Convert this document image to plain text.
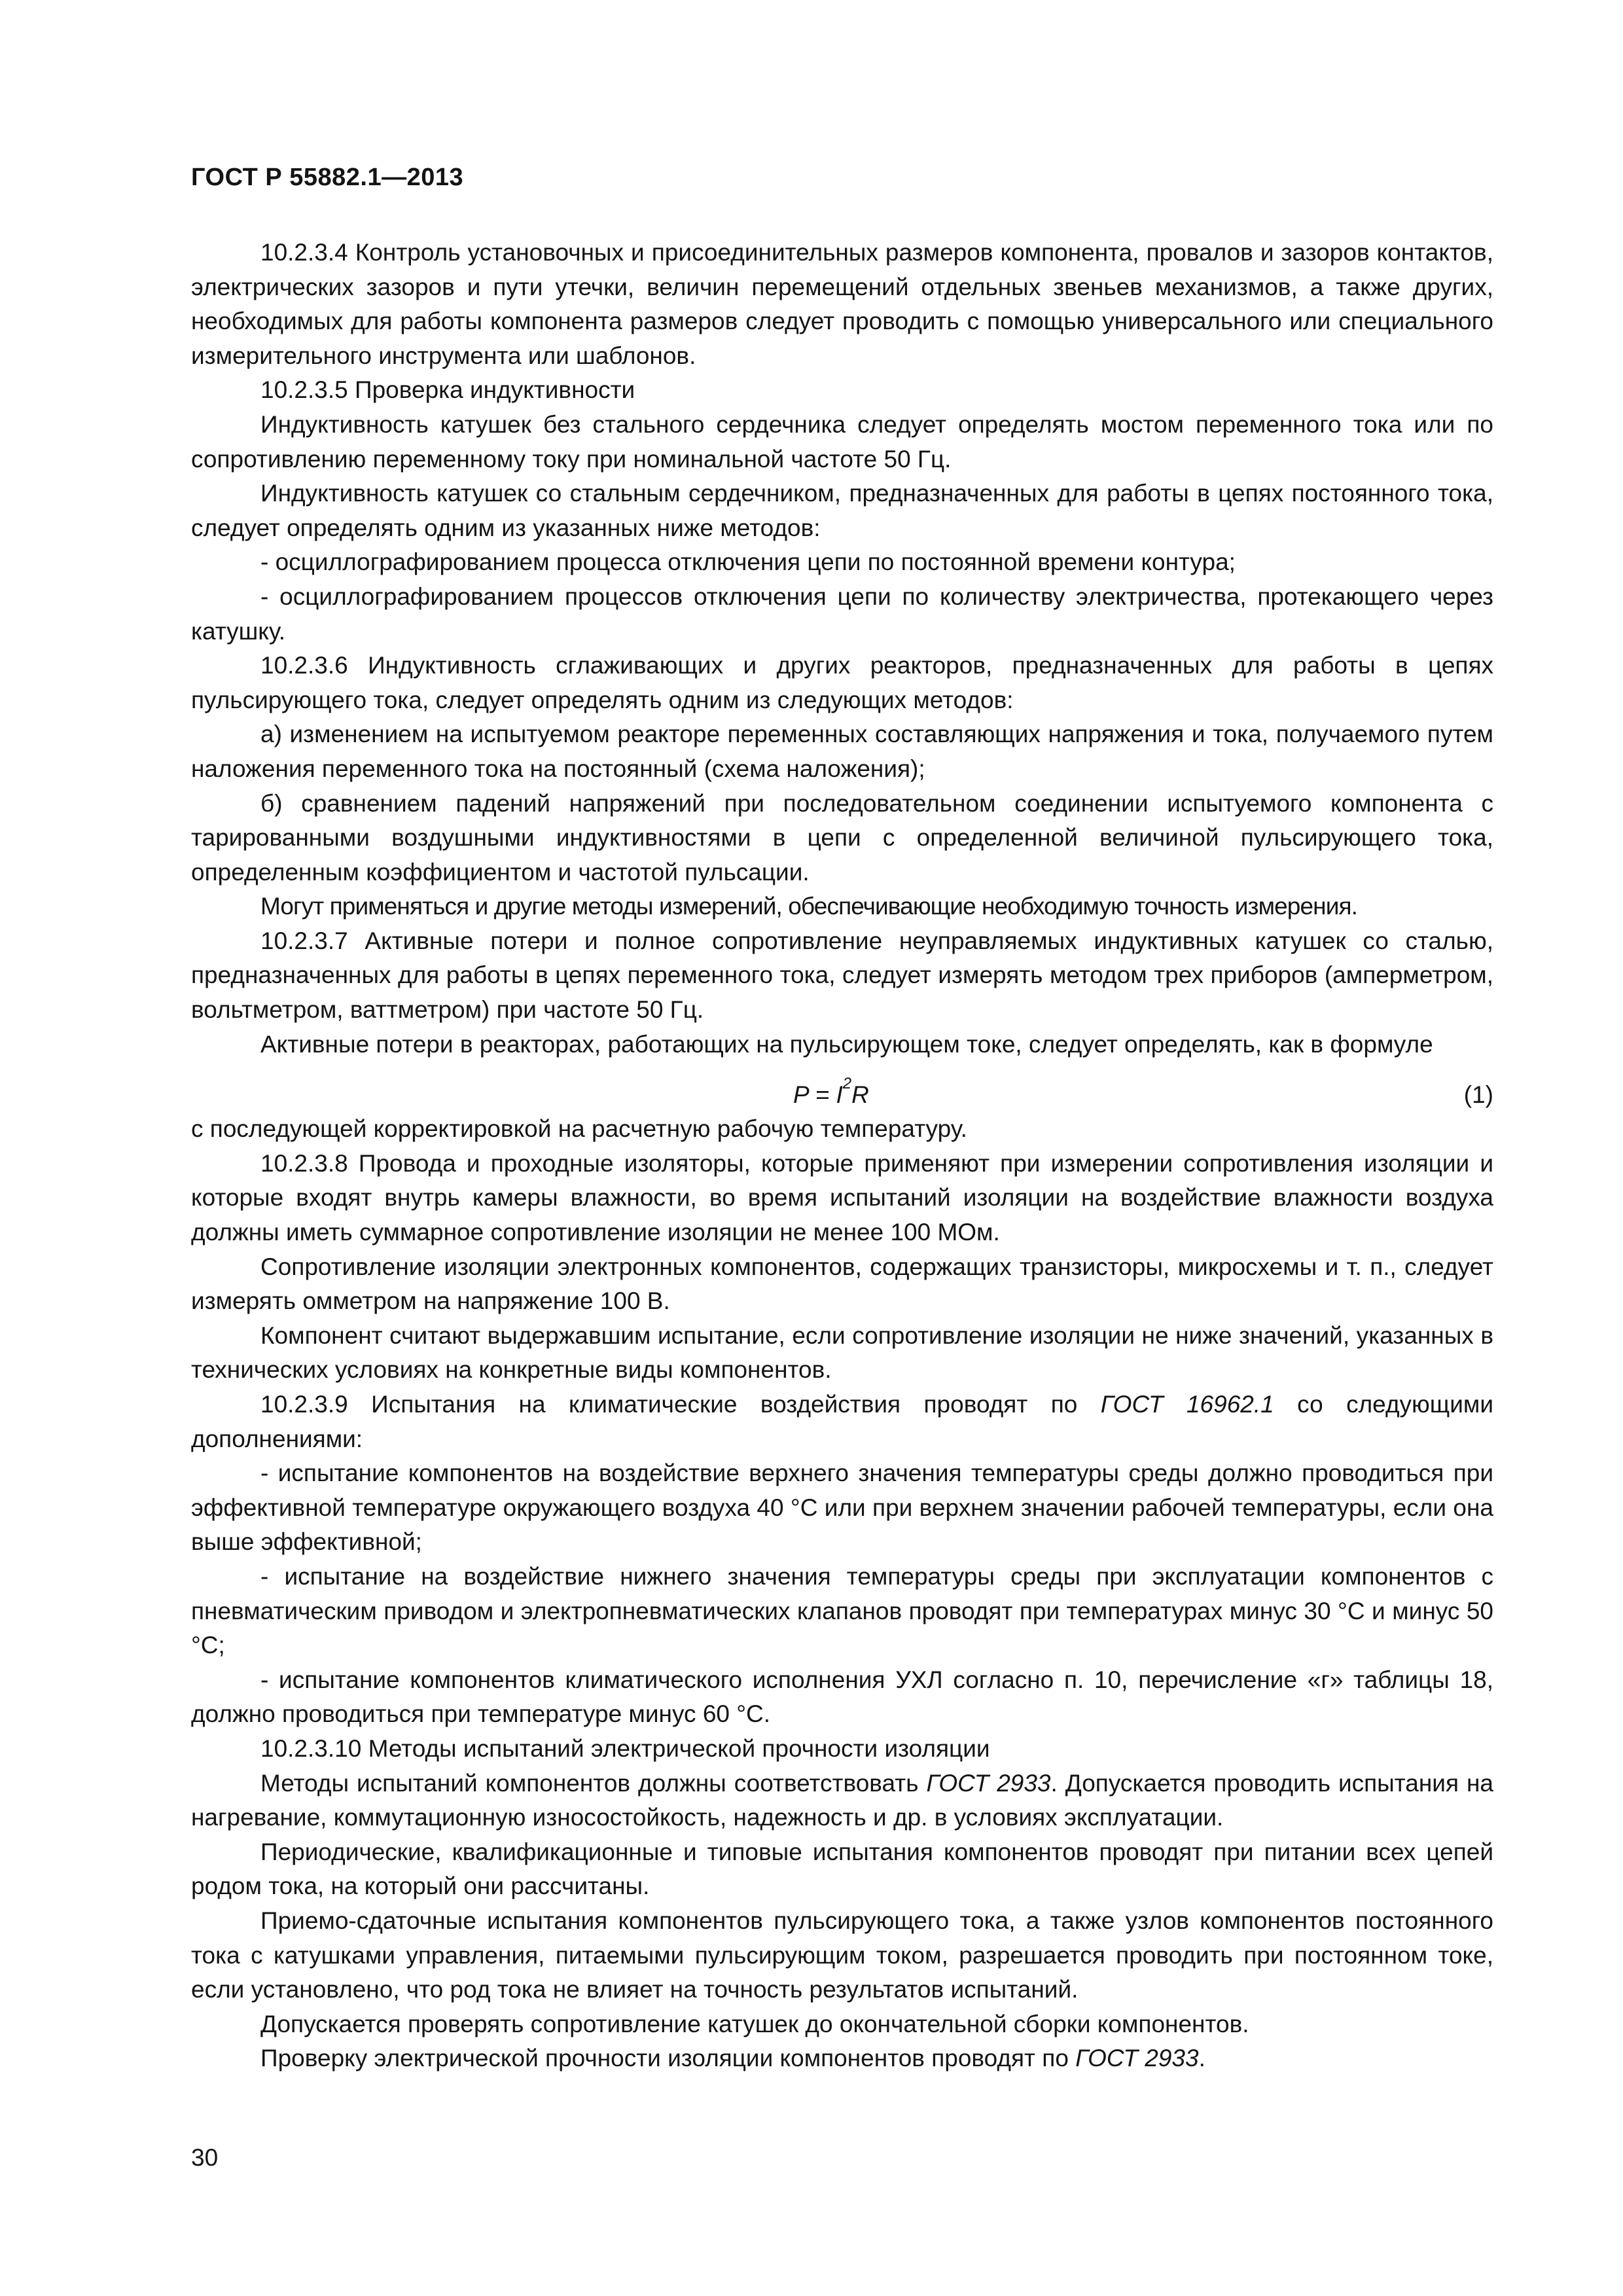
ГОСТ Р 55882.1—2013

10.2.3.4 Контроль установочных и присоединительных размеров компонента, провалов и зазоров контактов, электрических зазоров и пути утечки, величин перемещений отдельных звеньев механизмов, а также других, необходимых для работы компонента размеров следует проводить с помощью универсального или специального измерительного инструмента или шаблонов.

10.2.3.5 Проверка индуктивности

Индуктивность катушек без стального сердечника следует определять мостом переменного тока или по сопротивлению переменному току при номинальной частоте 50 Гц.

Индуктивность катушек со стальным сердечником, предназначенных для работы в цепях постоянного тока, следует определять одним из указанных ниже методов:

- осциллографированием процесса отключения цепи по постоянной времени контура;

- осциллографированием процессов отключения цепи по количеству электричества, протекающего через катушку.

10.2.3.6 Индуктивность сглаживающих и других реакторов, предназначенных для работы в цепях пульсирующего тока, следует определять одним из следующих методов:

а) изменением на испытуемом реакторе переменных составляющих напряжения и тока, получаемого путем наложения переменного тока на постоянный (схема наложения);

б) сравнением падений напряжений при последовательном соединении испытуемого компонента с тарированными воздушными индуктивностями в цепи с определенной величиной пульсирующего тока, определенным коэффициентом и частотой пульсации.

Могут применяться и другие методы измерений, обеспечивающие необходимую точность измерения.

10.2.3.7 Активные потери и полное сопротивление неуправляемых индуктивных катушек со сталью, предназначенных для работы в цепях переменного тока, следует измерять методом трех приборов (амперметром, вольтметром, ваттметром) при частоте 50 Гц.

Активные потери в реакторах, работающих на пульсирующем токе, следует определять, как в формуле

$P = I^2R$	(1)

с последующей корректировкой на расчетную рабочую температуру.

10.2.3.8 Провода и проходные изоляторы, которые применяют при измерении сопротивления изоляции и которые входят внутрь камеры влажности, во время испытаний изоляции на воздействие влажности воздуха должны иметь суммарное сопротивление изоляции не менее 100 МОм.

Сопротивление изоляции электронных компонентов, содержащих транзисторы, микросхемы и т. п., следует измерять омметром на напряжение 100 В.

Компонент считают выдержавшим испытание, если сопротивление изоляции не ниже значений, указанных в технических условиях на конкретные виды компонентов.

10.2.3.9 Испытания на климатические воздействия проводят по ГОСТ 16962.1 со следующими дополнениями:

- испытание компонентов на воздействие верхнего значения температуры среды должно проводиться при эффективной температуре окружающего воздуха 40 °С или при верхнем значении рабочей температуры, если она выше эффективной;

- испытание на воздействие нижнего значения температуры среды при эксплуатации компонентов с пневматическим приводом и электропневматических клапанов проводят при температурах минус 30 °С и минус 50 °С;

- испытание компонентов климатического исполнения УХЛ согласно п. 10, перечисление «г» таблицы 18, должно проводиться при температуре минус 60 °С.

10.2.3.10 Методы испытаний электрической прочности изоляции

Методы испытаний компонентов должны соответствовать ГОСТ 2933. Допускается проводить испытания на нагревание, коммутационную износостойкость, надежность и др. в условиях эксплуатации.

Периодические, квалификационные и типовые испытания компонентов проводят при питании всех цепей родом тока, на который они рассчитаны.

Приемо-сдаточные испытания компонентов пульсирующего тока, а также узлов компонентов постоянного тока с катушками управления, питаемыми пульсирующим током, разрешается проводить при постоянном токе, если установлено, что род тока не влияет на точность результатов испытаний.

Допускается проверять сопротивление катушек до окончательной сборки компонентов.

Проверку электрической прочности изоляции компонентов проводят по ГОСТ 2933.

30
